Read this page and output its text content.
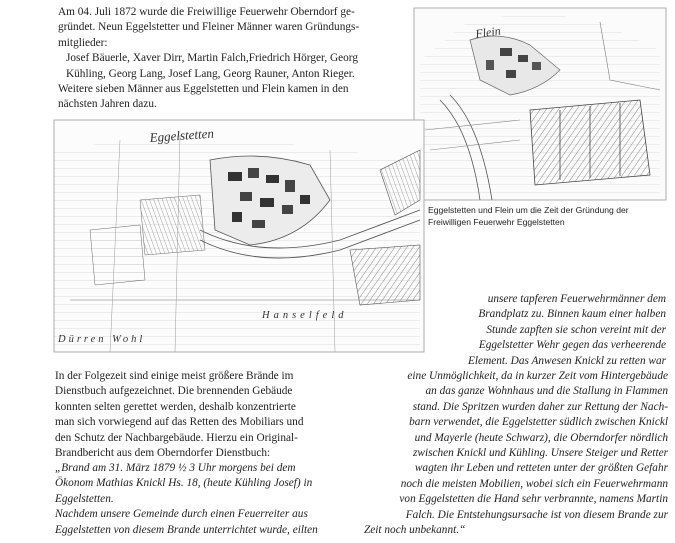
Am 04. Juli 1872 wurde die Freiwillige Feuerwehr Oberndorf ge-

gründet. Neun Eggelstetter und Fleiner Männer waren Gründungs-

mitglieder:

Josef Bäuerle, Xaver Dirr, Martin Falch,Friedrich Hörger, Georg

Kühling, Georg Lang, Josef Lang, Georg Rauner, Anton Rieger.

Weitere sieben Männer aus Eggelstetten und Flein kamen in den

nächsten Jahren dazu.

Flein
Eggelstetten
Hanselfeld
Dürren Wohl
Eggelstetten und Flein um die Zeit der Gründung der
Freiwilligen Feuerwehr Eggelstetten

unsere tapferen Feuerwehrmänner dem

Brandplatz zu. Binnen kaum einer halben

Stunde zapften sie schon vereint mit der

Eggelstetter Wehr gegen das verheerende

Element. Das Anwesen Knickl zu retten war

In der Folgezeit sind einige meist größere Brände im

Dienstbuch aufgezeichnet. Die brennenden Gebäude

konnten selten gerettet werden, deshalb konzentrierte

man sich vorwiegend auf das Retten des Mobiliars und

den Schutz der Nachbargebäude. Hierzu ein Original-

Brandbericht aus dem Oberndorfer Dienstbuch:

„Brand am 31. März 1879 ½ 3 Uhr morgens bei dem

Ökonom Mathias Knickl Hs. 18, (heute Kühling Josef) in

Eggelstetten.

Nachdem unsere Gemeinde durch einen Feuerreiter aus

Eggelstetten von diesem Brande unterrichtet wurde, eilten

eine Unmöglichkeit, da in kurzer Zeit vom Hintergebäude

an das ganze Wohnhaus und die Stallung in Flammen

stand. Die Spritzen wurden daher zur Rettung der Nach-

barn verwendet, die Eggelstetter südlich zwischen Knickl

und Mayerle (heute Schwarz), die Oberndorfer nördlich

zwischen Knickl und Kühling. Unsere Steiger und Retter

wagten ihr Leben und retteten unter der größten Gefahr

noch die meisten Mobilien, wobei sich ein Feuerwehrmann

von Eggelstetten die Hand sehr verbrannte, namens Martin

Falch. Die Entstehungsursache ist von diesem Brande zur

Zeit noch unbekannt.“
